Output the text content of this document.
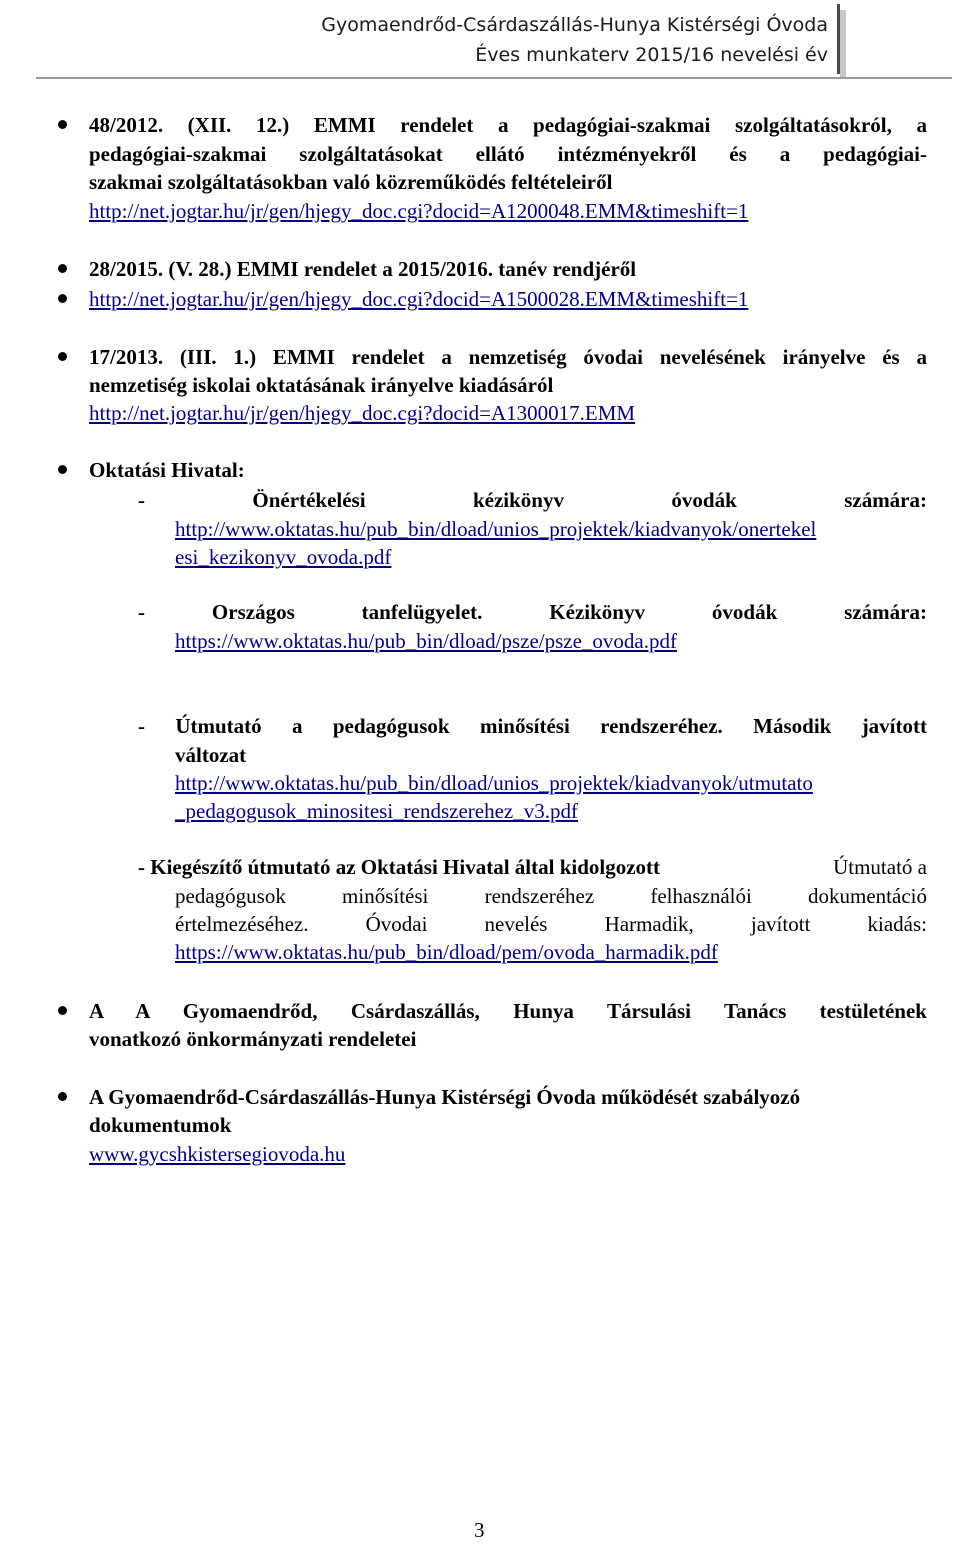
Gyomaendrőd-Csárdaszállás-Hunya Kistérségi Óvoda
Éves munkaterv 2015/16 nevelési év
48/2012. (XII. 12.) EMMI rendelet a pedagógiai-szakmai szolgáltatásokról, a
pedagógiai-szakmai szolgáltatásokat ellátó intézményekről és a pedagógiai-
szakmai szolgáltatásokban való közreműködés feltételeiről
http://net.jogtar.hu/jr/gen/hjegy_doc.cgi?docid=A1200048.EMM&timeshift=1
28/2015. (V. 28.) EMMI rendelet a 2015/2016. tanév rendjéről
http://net.jogtar.hu/jr/gen/hjegy_doc.cgi?docid=A1500028.EMM&timeshift=1
17/2013. (III. 1.) EMMI rendelet a nemzetiség óvodai nevelésének irányelve és a
nemzetiség iskolai oktatásának irányelve kiadásáról
http://net.jogtar.hu/jr/gen/hjegy_doc.cgi?docid=A1300017.EMM
Oktatási Hivatal:
- Önértékelési kézikönyv óvodák számára:
http://www.oktatas.hu/pub_bin/dload/unios_projektek/kiadvanyok/onertekel
esi_kezikonyv_ovoda.pdf
- Országos tanfelügyelet. Kézikönyv óvodák számára:
https://www.oktatas.hu/pub_bin/dload/psze/psze_ovoda.pdf
- Útmutató a pedagógusok minősítési rendszeréhez. Második javított
változat
http://www.oktatas.hu/pub_bin/dload/unios_projektek/kiadvanyok/utmutato
_pedagogusok_minositesi_rendszerehez_v3.pdf
- Kiegészítő útmutató az Oktatási Hivatal által kidolgozott	Útmutató a
pedagógusok minősítési rendszeréhez felhasználói dokumentáció
értelmezéséhez. Óvodai nevelés Harmadik, javított kiadás:
https://www.oktatas.hu/pub_bin/dload/pem/ovoda_harmadik.pdf
A A Gyomaendrőd, Csárdaszállás, Hunya Társulási Tanács testületének
vonatkozó önkormányzati rendeletei
A Gyomaendrőd-Csárdaszállás-Hunya Kistérségi Óvoda működését szabályozó
dokumentumok
www.gycshkistersegiovoda.hu
3
